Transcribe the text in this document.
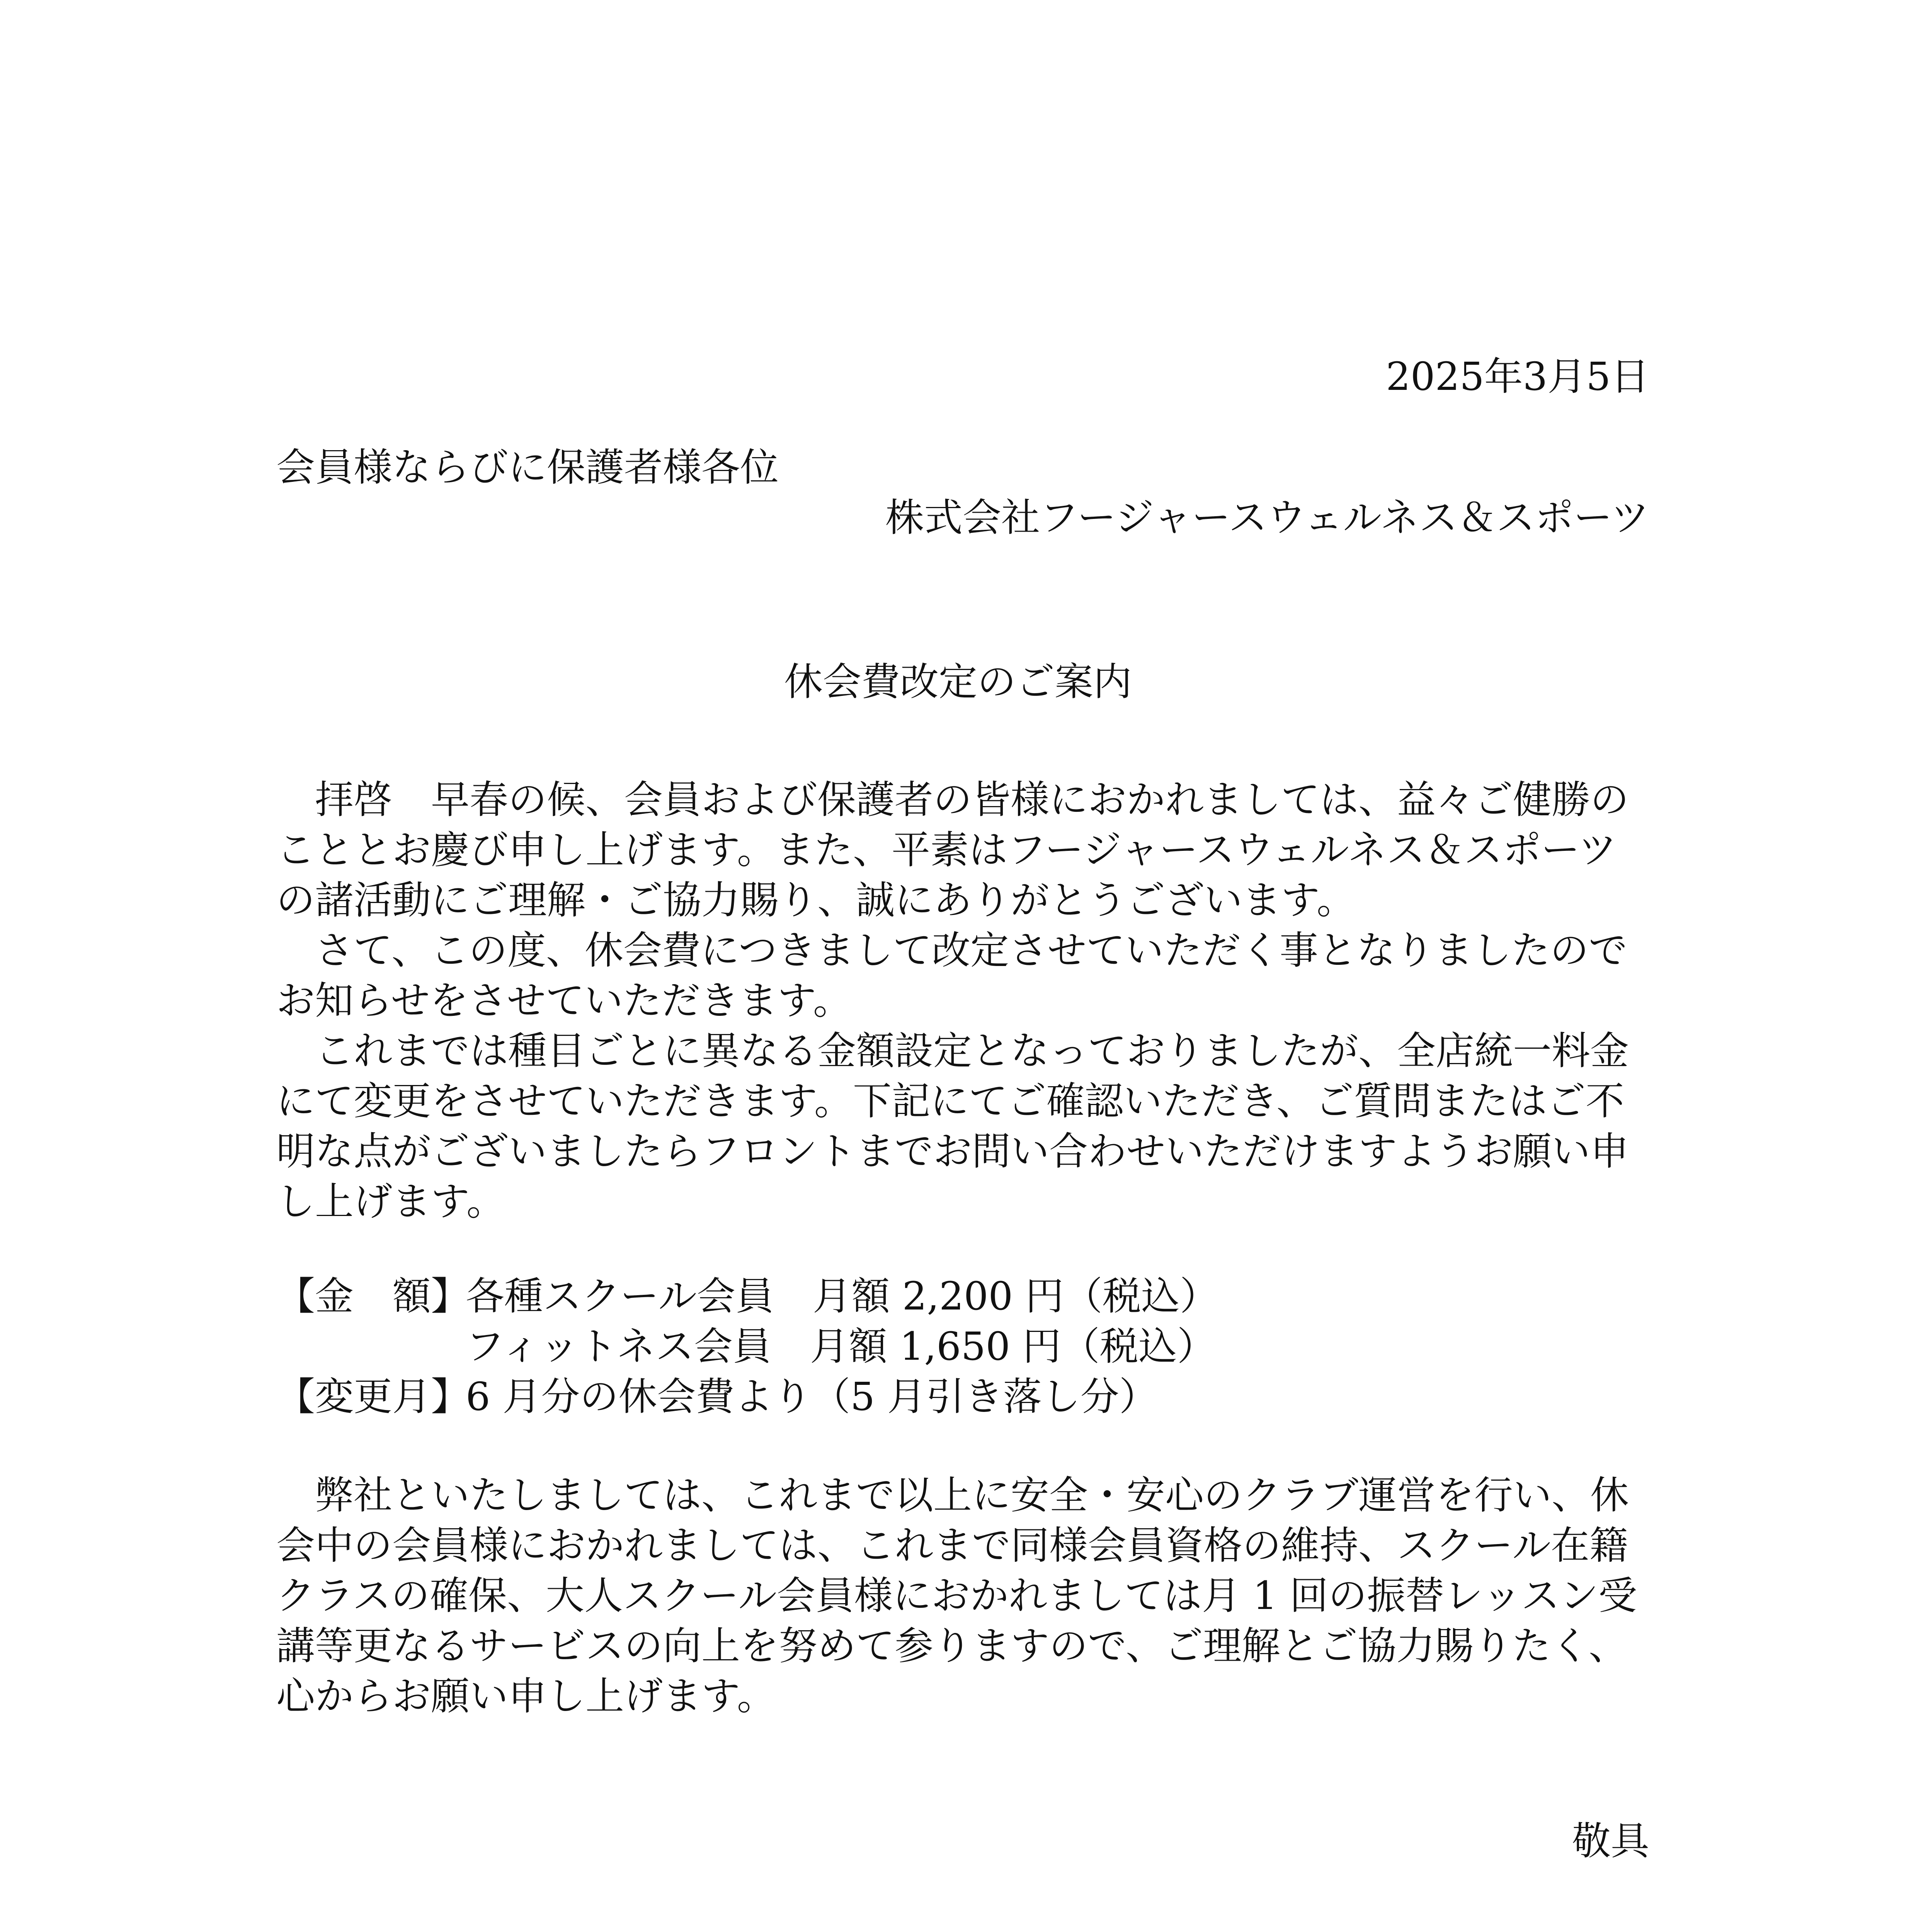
2025年3月5日
会員様ならびに保護者様各位
株式会社フージャースウェルネス＆スポーツ
休会費改定のご案内
　拝啓　早春の候、会員および保護者の皆様におかれましては、益々ご健勝の
こととお慶び申し上げます。また、平素はフージャースウェルネス＆スポーツ
の諸活動にご理解・ご協力賜り、誠にありがとうございます。
　さて、この度、休会費につきまして改定させていただく事となりましたので
お知らせをさせていただきます。
　これまでは種目ごとに異なる金額設定となっておりましたが、全店統一料金
にて変更をさせていただきます。下記にてご確認いただき、ご質問またはご不
明な点がございましたらフロントまでお問い合わせいただけますようお願い申
し上げます。
【金　額】各種スクール会員　月額 2,200 円（税込）
フィットネス会員　月額 1,650 円（税込）
【変更月】6 月分の休会費より（5 月引き落し分）
　弊社といたしましては、これまで以上に安全・安心のクラブ運営を行い、休
会中の会員様におかれましては、これまで同様会員資格の維持、スクール在籍
クラスの確保、大人スクール会員様におかれましては月 1 回の振替レッスン受
講等更なるサービスの向上を努めて参りますので、ご理解とご協力賜りたく、
心からお願い申し上げます。
敬具
